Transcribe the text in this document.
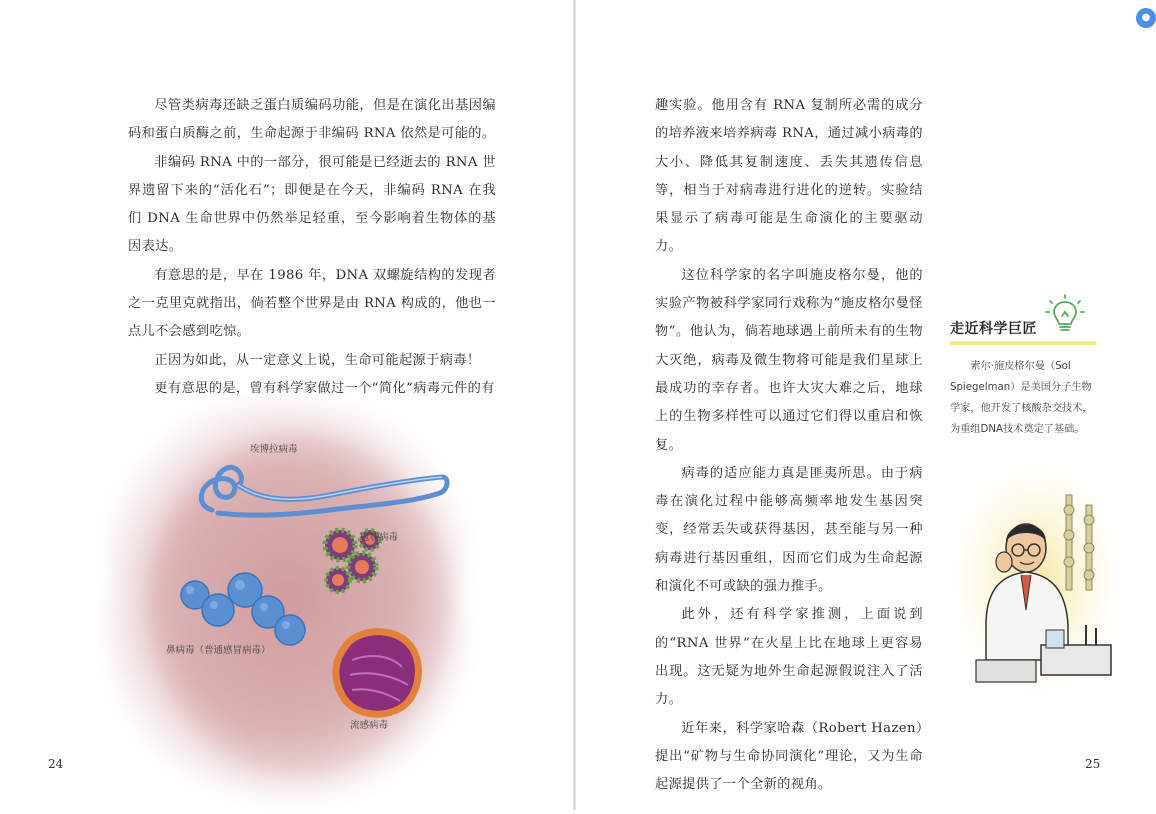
尽管类病毒还缺乏蛋白质编码功能，但是在演化出基因编码和蛋白质酶之前，生命起源于非编码 RNA 依然是可能的。

非编码 RNA 中的一部分，很可能是已经逝去的 RNA 世界遗留下来的“活化石”；即便是在今天，非编码 RNA 在我们 DNA 生命世界中仍然举足轻重，至今影响着生物体的基因表达。

有意思的是，早在 1986 年，DNA 双螺旋结构的发现者之一克里克就指出，倘若整个世界是由 RNA 构成的，他也一点儿不会感到吃惊。

正因为如此，从一定意义上说，生命可能起源于病毒！

更有意思的是，曾有科学家做过一个“简化”病毒元件的有

埃博拉病毒
冠状病毒
鼻病毒（普通感冒病毒）
流感病毒
24

趣实验。他用含有 RNA 复制所必需的成分的培养液来培养病毒 RNA，通过减小病毒的大小、降低其复制速度、丢失其遗传信息等，相当于对病毒进行进化的逆转。实验结果显示了病毒可能是生命演化的主要驱动力。

这位科学家的名字叫施皮格尔曼，他的实验产物被科学家同行戏称为“施皮格尔曼怪物”。他认为，倘若地球遇上前所未有的生物大灭绝，病毒及微生物将可能是我们星球上最成功的幸存者。也许大灾大难之后，地球上的生物多样性可以通过它们得以重启和恢复。

病毒的适应能力真是匪夷所思。由于病毒在演化过程中能够高频率地发生基因突变，经常丢失或获得基因，甚至能与另一种病毒进行基因重组，因而它们成为生命起源和演化不可或缺的强力推手。

此外，还有科学家推测，上面说到的“RNA 世界”在火星上比在地球上更容易出现。这无疑为地外生命起源假说注入了活力。

近年来，科学家哈森（Robert Hazen）提出“矿物与生命协同演化”理论，又为生命起源提供了一个全新的视角。

走近科学巨匠

索尔·施皮格尔曼（Sol Spiegelman）是美国分子生物学家，他开发了核酸杂交技术，为重组DNA技术奠定了基础。

25
●
